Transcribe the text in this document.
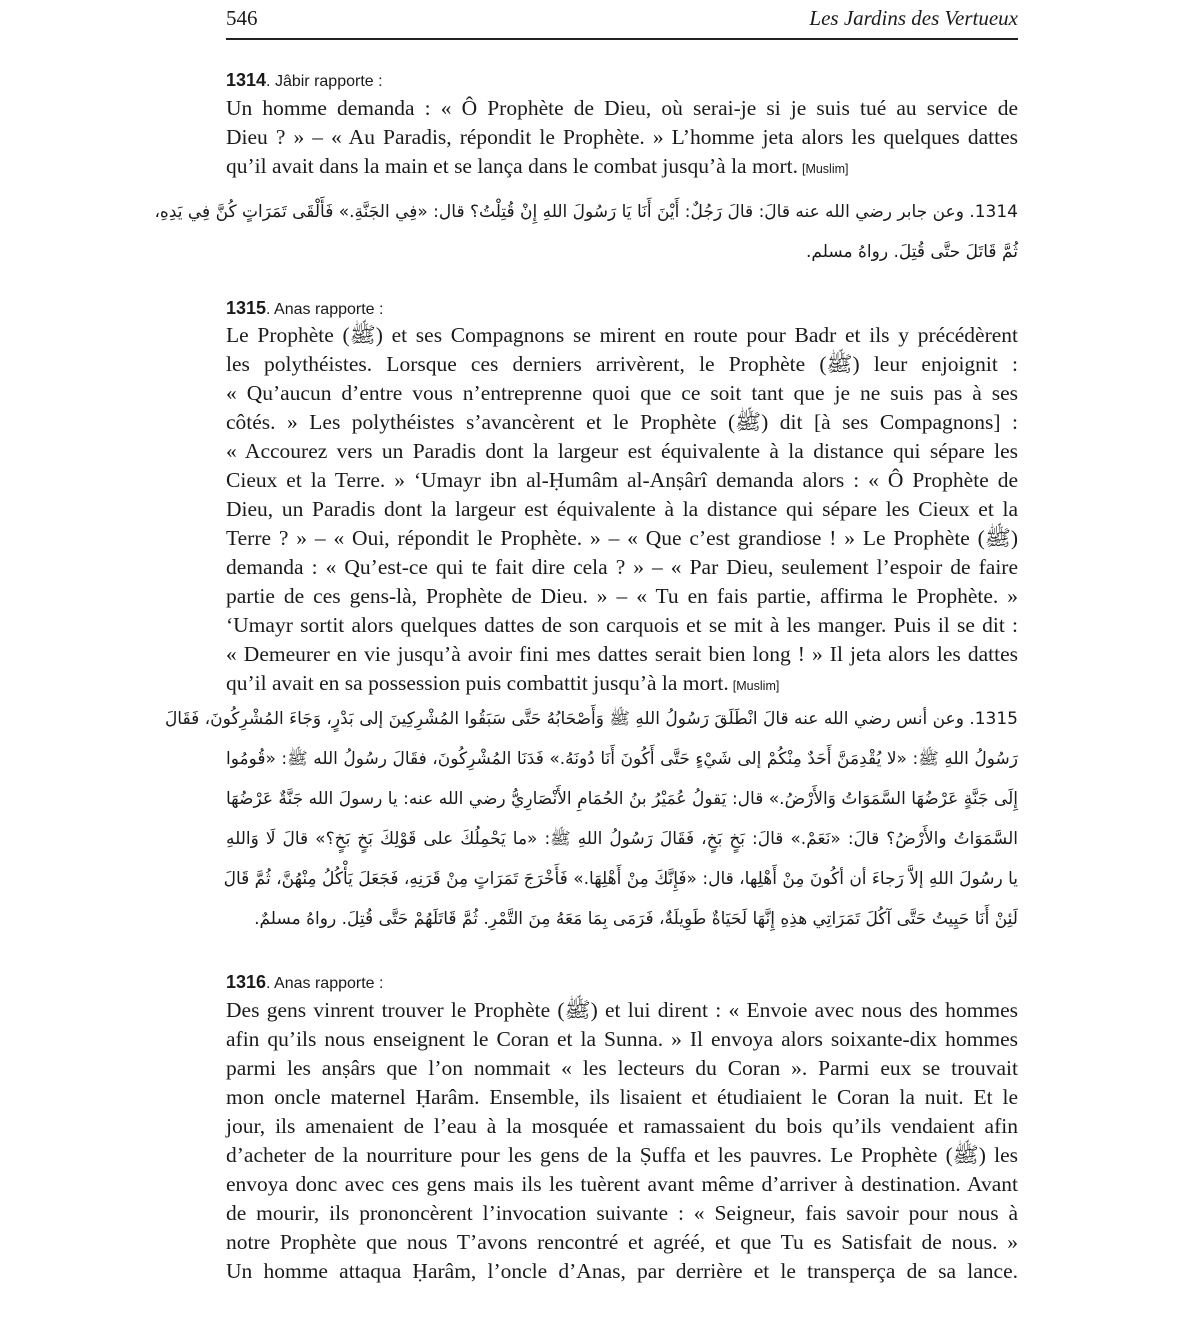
546	Les Jardins des Vertueux
1314. Jâbir rapporte :
Un homme demanda : « Ô Prophète de Dieu, où serai-je si je suis tué au service de
Dieu ? » – « Au Paradis, répondit le Prophète. » L’homme jeta alors les quelques dattes
qu’il avait dans la main et se lança dans le combat jusqu’à la mort. [Muslim]
1314. وعن جابر رضي الله عنه قالَ: قالَ رَجُلٌ: أَيْنَ أَنَا يَا رَسُولَ اللهِ إِنْ قُتِلْتُ؟ قال: «فِي الجَنَّةِ.» فَأَلْقَى تَمَرَاتٍ كُنَّ فِي يَدِهِ،
ثُمَّ قَاتَلَ حتَّى قُتِلَ. رواهُ مسلم.
1315. Anas rapporte :
Le Prophète (ﷺ) et ses Compagnons se mirent en route pour Badr et ils y précédèrent
les polythéistes. Lorsque ces derniers arrivèrent, le Prophète (ﷺ) leur enjoignit :
« Qu’aucun d’entre vous n’entreprenne quoi que ce soit tant que je ne suis pas à ses
côtés. » Les polythéistes s’avancèrent et le Prophète (ﷺ) dit [à ses Compagnons] :
« Accourez vers un Paradis dont la largeur est équivalente à la distance qui sépare les
Cieux et la Terre. » ‘Umayr ibn al-Ḥumâm al-Anṣârî demanda alors : « Ô Prophète de
Dieu, un Paradis dont la largeur est équivalente à la distance qui sépare les Cieux et la
Terre ? » – « Oui, répondit le Prophète. » – « Que c’est grandiose ! » Le Prophète (ﷺ)
demanda : « Qu’est-ce qui te fait dire cela ? » – « Par Dieu, seulement l’espoir de faire
partie de ces gens-là, Prophète de Dieu. » – « Tu en fais partie, affirma le Prophète. »
‘Umayr sortit alors quelques dattes de son carquois et se mit à les manger. Puis il se dit :
« Demeurer en vie jusqu’à avoir fini mes dattes serait bien long ! » Il jeta alors les dattes
qu’il avait en sa possession puis combattit jusqu’à la mort. [Muslim]
1315. وعن أنس رضي الله عنه قالَ انْطَلَقَ رَسُولُ اللهِ ﷺ وَأَصْحَابُهُ حَتَّى سَبَقُوا المُشْرِكِينَ إلى بَدْرٍ، وَجَاءَ المُشْرِكُونَ، فَقَالَ
رَسُولُ اللهِ ﷺ: «لا يُقْدِمَنَّ أَحَدٌ مِنْكُمْ إلى شَيْءٍ حَتَّى أَكُونَ أَنَا دُونَهُ.» فَدَنَا المُشْرِكُونَ، فقَالَ رسُولُ الله ﷺ: «قُومُوا
إِلَى جَنَّةٍ عَرْضُهَا السَّمَوَاتُ وَالأَرْضُ.» قال: يَقولُ عُمَيْرُ بنُ الحُمَامِ الأَنْصَارِيُّ رضي الله عنه: يا رسولَ الله جَنَّةٌ عَرْضُهَا
السَّمَوَاتُ والأَرْضُ؟ قالَ: «نَعَمْ.» قالَ: بَخٍ بَخٍ، فَقَالَ رَسُولُ اللهِ ﷺ: «ما يَحْمِلُكَ على قَوْلِكَ بَخٍ بَخٍ؟» قالَ لَا وَاللهِ
يا رسُولَ اللهِ إلاَّ رَجاءَ أن أكُونَ مِنْ أَهْلِها، قال: «فَإِنَّكَ مِنْ أَهْلِهَا.» فَأَخْرَجَ تَمَرَاتٍ مِنْ قَرَنِهِ، فَجَعَلَ يَأْكُلُ مِنْهُنَّ، ثُمَّ قَالَ
لَئِنْ أَنَا حَيِيتُ حَتَّى آكُلَ تَمَرَاتِي هذِهِ إِنَّهَا لَحَيَاةٌ طَوِيلَةٌ، فَرَمَى بِمَا مَعَهُ مِنَ التَّمْرِ. ثُمَّ قَاتَلَهُمْ حَتَّى قُتِلَ. رواهُ مسلمٌ.
1316. Anas rapporte :
Des gens vinrent trouver le Prophète (ﷺ) et lui dirent : « Envoie avec nous des hommes
afin qu’ils nous enseignent le Coran et la Sunna. » Il envoya alors soixante-dix hommes
parmi les anṣârs que l’on nommait « les lecteurs du Coran ». Parmi eux se trouvait
mon oncle maternel Ḥarâm. Ensemble, ils lisaient et étudiaient le Coran la nuit. Et le
jour, ils amenaient de l’eau à la mosquée et ramassaient du bois qu’ils vendaient afin
d’acheter de la nourriture pour les gens de la Ṣuffa et les pauvres. Le Prophète (ﷺ) les
envoya donc avec ces gens mais ils les tuèrent avant même d’arriver à destination. Avant
de mourir, ils prononcèrent l’invocation suivante : « Seigneur, fais savoir pour nous à
notre Prophète que nous T’avons rencontré et agréé, et que Tu es Satisfait de nous. »
Un homme attaqua Ḥarâm, l’oncle d’Anas, par derrière et le transperça de sa lance.
